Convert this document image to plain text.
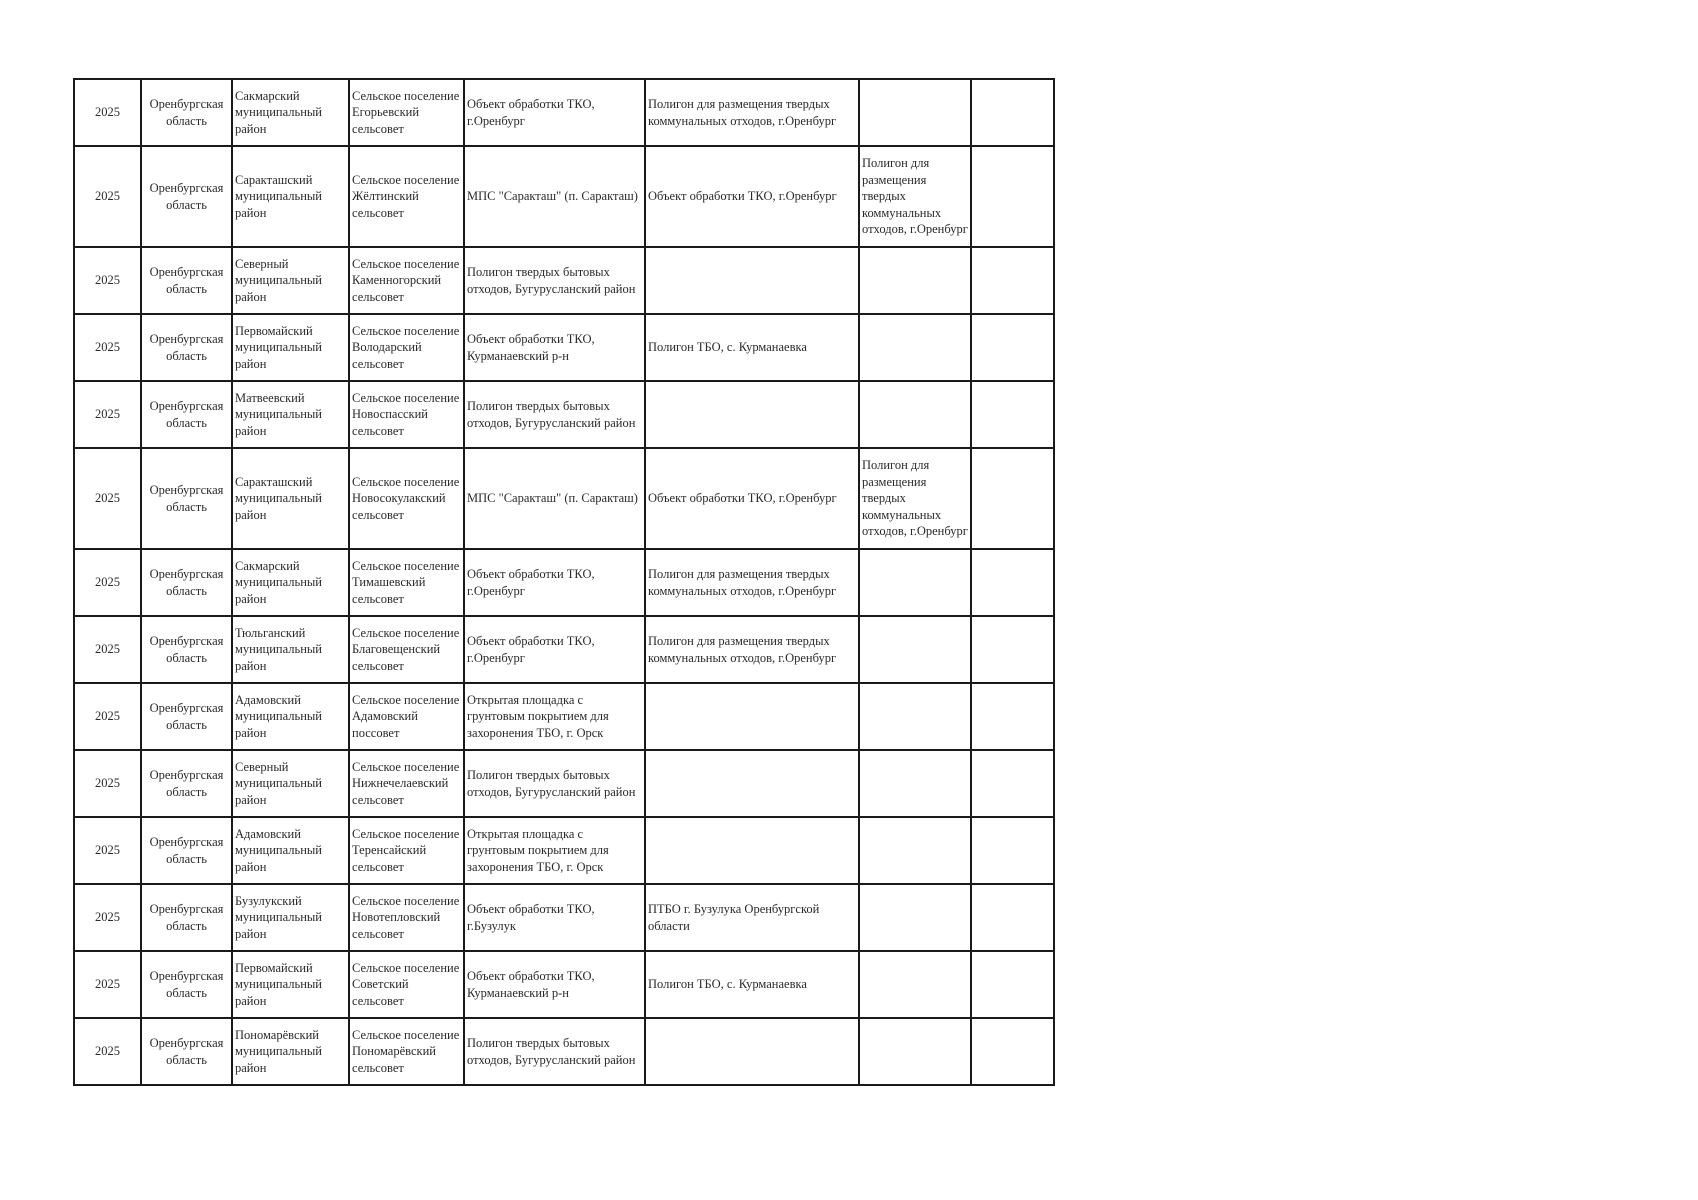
2025	Оренбургская область	Сакмарский муниципальный район	Сельское поселение Егорьевский сельсовет	Объект обработки ТКО, г.Оренбург	Полигон для размещения твердых коммунальных отходов, г.Оренбург		
2025	Оренбургская область	Саракташский муниципальный район	Сельское поселение Жёлтинский сельсовет	МПС "Саракташ" (п. Саракташ)	Объект обработки ТКО, г.Оренбург	Полигон для размещения твердых коммунальных отходов, г.Оренбург	
2025	Оренбургская область	Северный муниципальный район	Сельское поселение Каменногорский сельсовет	Полигон твердых бытовых отходов, Бугурусланский район			
2025	Оренбургская область	Первомайский муниципальный район	Сельское поселение Володарский сельсовет	Объект обработки ТКО, Курманаевский р-н	Полигон ТБО, с. Курманаевка		
2025	Оренбургская область	Матвеевский муниципальный район	Сельское поселение Новоспасский сельсовет	Полигон твердых бытовых отходов, Бугурусланский район			
2025	Оренбургская область	Саракташский муниципальный район	Сельское поселение Новосокулакский сельсовет	МПС "Саракташ" (п. Саракташ)	Объект обработки ТКО, г.Оренбург	Полигон для размещения твердых коммунальных отходов, г.Оренбург	
2025	Оренбургская область	Сакмарский муниципальный район	Сельское поселение Тимашевский сельсовет	Объект обработки ТКО, г.Оренбург	Полигон для размещения твердых коммунальных отходов, г.Оренбург		
2025	Оренбургская область	Тюльганский муниципальный район	Сельское поселение Благовещенский сельсовет	Объект обработки ТКО, г.Оренбург	Полигон для размещения твердых коммунальных отходов, г.Оренбург		
2025	Оренбургская область	Адамовский муниципальный район	Сельское поселение Адамовский поссовет	Открытая площадка с грунтовым покрытием для захоронения ТБО, г. Орск			
2025	Оренбургская область	Северный муниципальный район	Сельское поселение Нижнечелаевский сельсовет	Полигон твердых бытовых отходов, Бугурусланский район			
2025	Оренбургская область	Адамовский муниципальный район	Сельское поселение Теренсайский сельсовет	Открытая площадка с грунтовым покрытием для захоронения ТБО, г. Орск			
2025	Оренбургская область	Бузулукский муниципальный район	Сельское поселение Новотепловский сельсовет	Объект обработки ТКО, г.Бузулук	ПТБО г. Бузулука Оренбургской области		
2025	Оренбургская область	Первомайский муниципальный район	Сельское поселение Советский сельсовет	Объект обработки ТКО, Курманаевский р-н	Полигон ТБО, с. Курманаевка		
2025	Оренбургская область	Пономарёвский муниципальный район	Сельское поселение Пономарёвский сельсовет	Полигон твердых бытовых отходов, Бугурусланский район			
